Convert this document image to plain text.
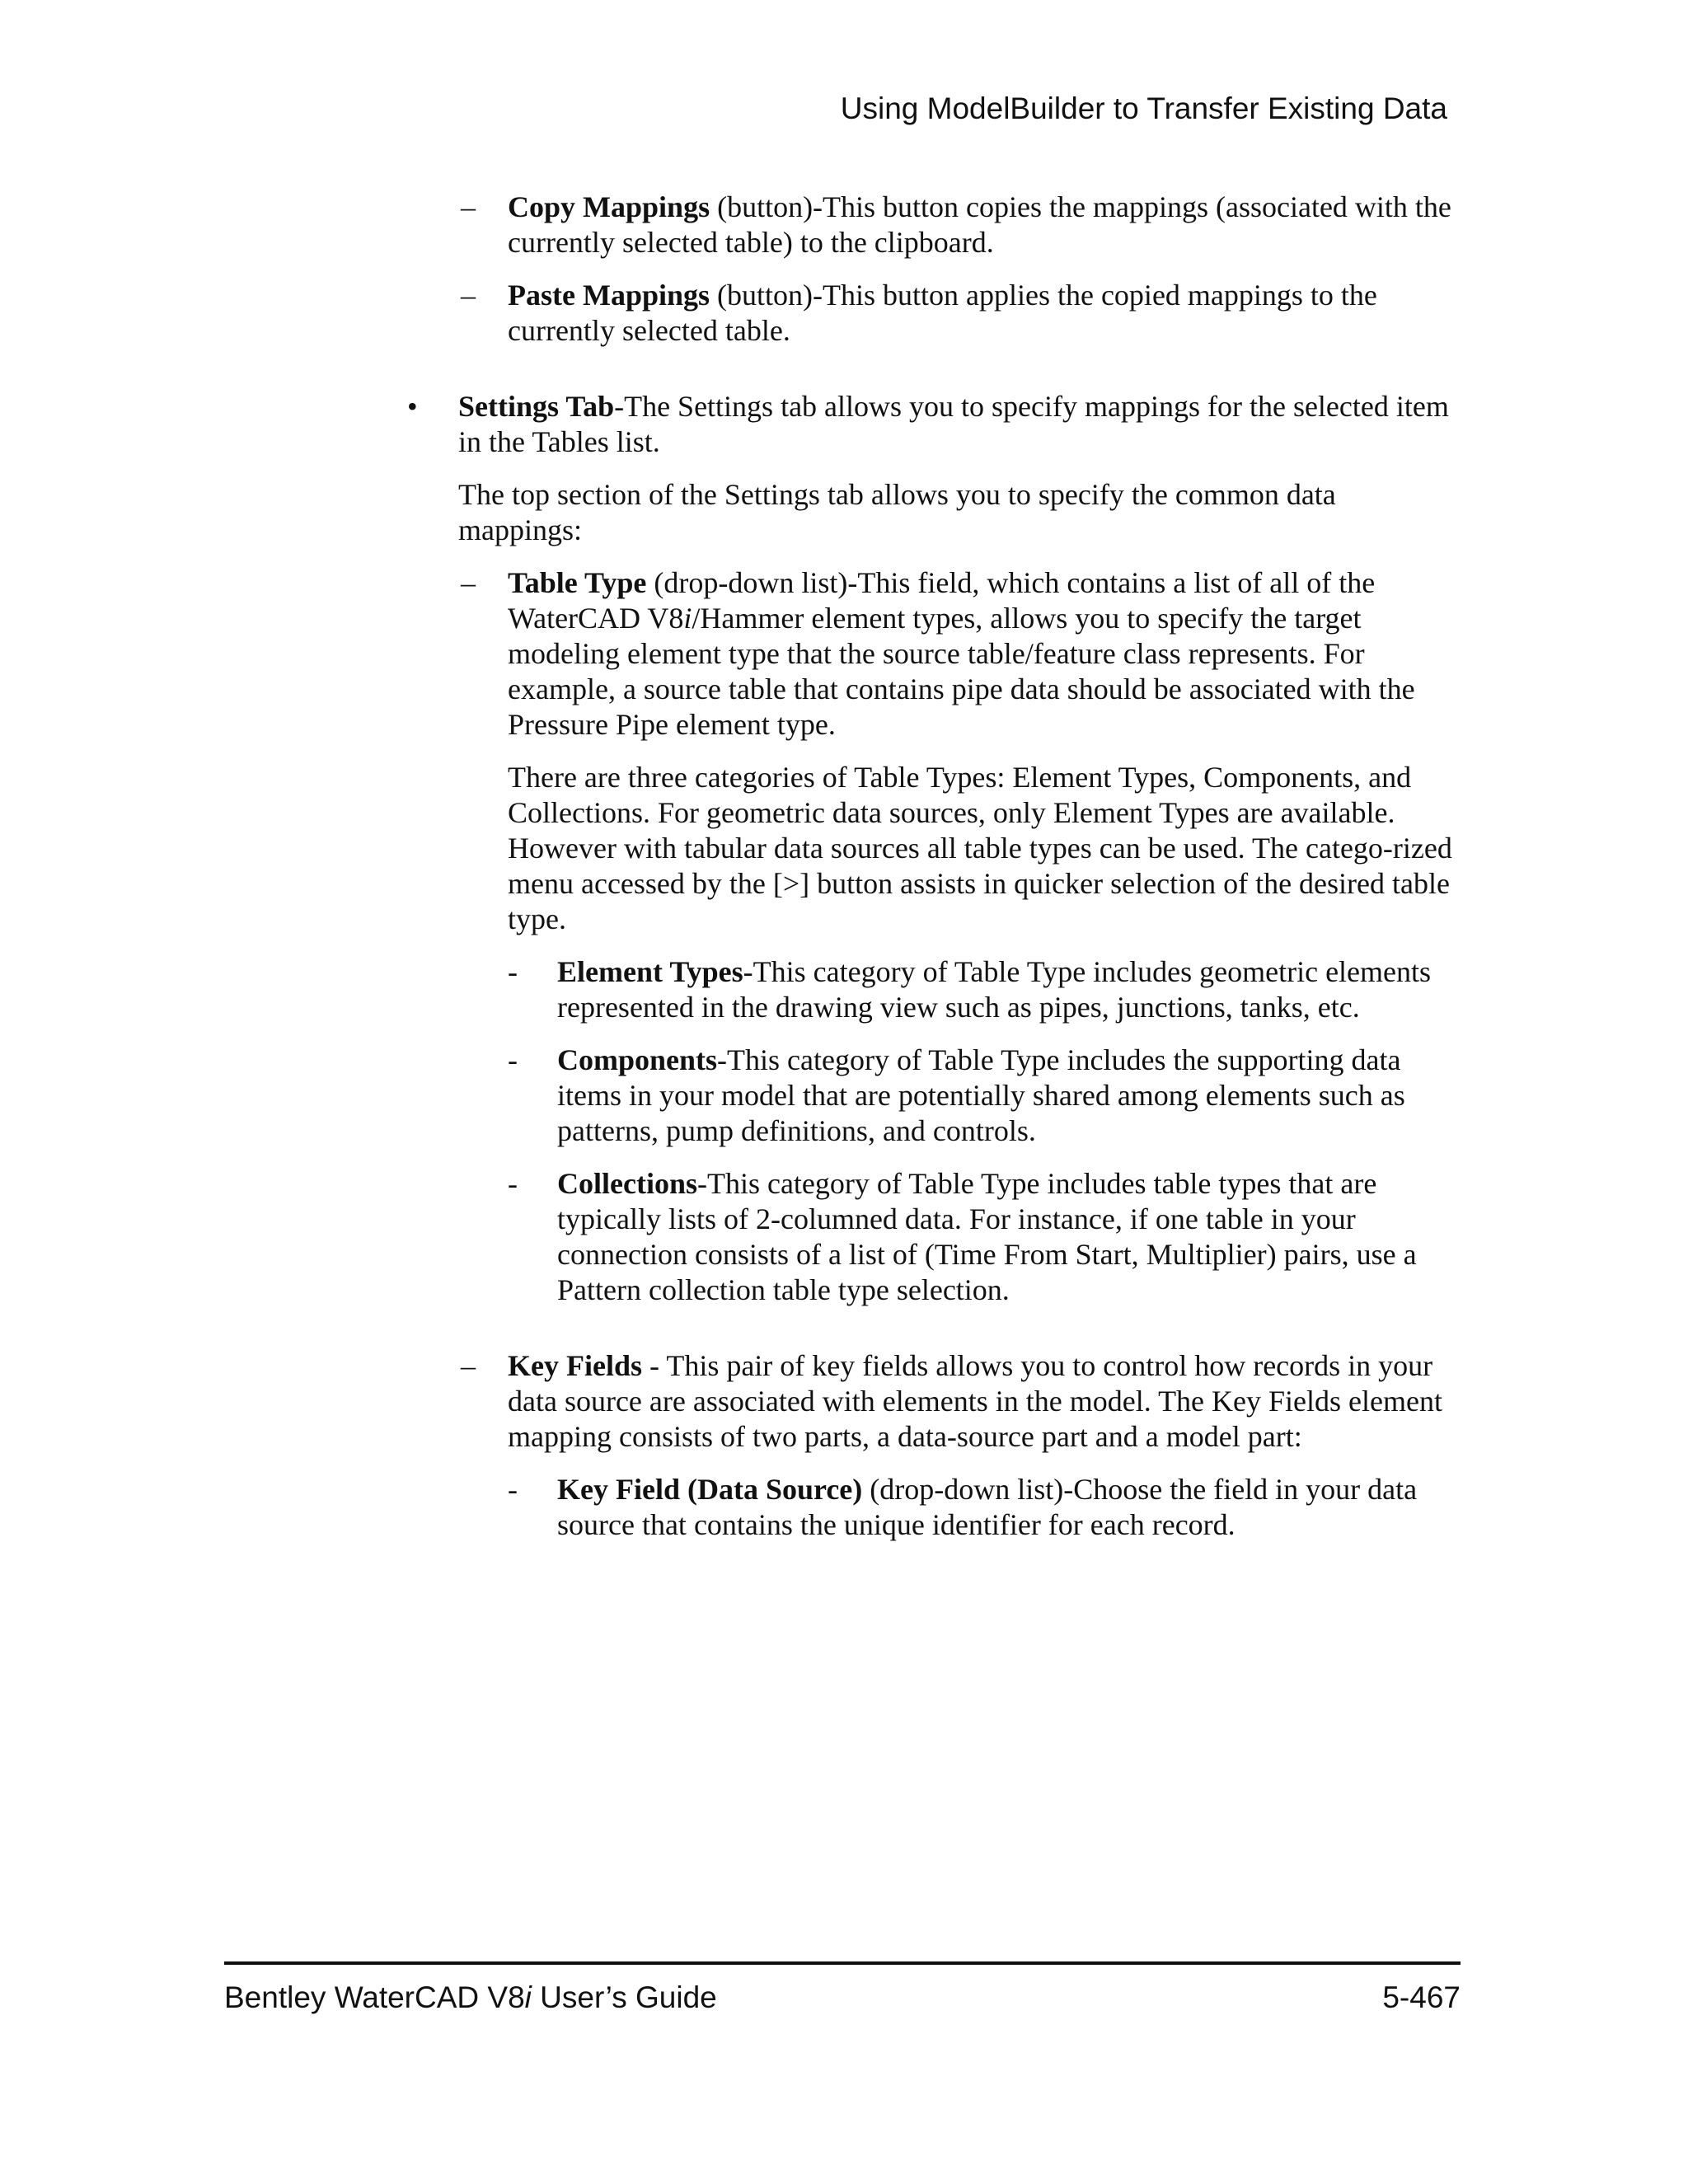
Using ModelBuilder to Transfer Existing Data
– Copy Mappings (button)-This button copies the mappings (associated with the currently selected table) to the clipboard.

– Paste Mappings (button)-This button applies the copied mappings to the currently selected table.

• Settings Tab-The Settings tab allows you to specify mappings for the selected item in the Tables list.

The top section of the Settings tab allows you to specify the common data mappings:

– Table Type (drop-down list)-This field, which contains a list of all of the WaterCAD V8i/Hammer element types, allows you to specify the target modeling element type that the source table/feature class represents. For example, a source table that contains pipe data should be associated with the Pressure Pipe element type.

There are three categories of Table Types: Element Types, Components, and Collections. For geometric data sources, only Element Types are available. However with tabular data sources all table types can be used. The catego-rized menu accessed by the [>] button assists in quicker selection of the desired table type.

- Element Types-This category of Table Type includes geometric elements represented in the drawing view such as pipes, junctions, tanks, etc.

- Components-This category of Table Type includes the supporting data items in your model that are potentially shared among elements such as patterns, pump definitions, and controls.

- Collections-This category of Table Type includes table types that are typically lists of 2-columned data. For instance, if one table in your connection consists of a list of (Time From Start, Multiplier) pairs, use a Pattern collection table type selection.

– Key Fields - This pair of key fields allows you to control how records in your data source are associated with elements in the model. The Key Fields element mapping consists of two parts, a data-source part and a model part:

- Key Field (Data Source) (drop-down list)-Choose the field in your data source that contains the unique identifier for each record.

Bentley WaterCAD V8i User’s Guide	5-467
